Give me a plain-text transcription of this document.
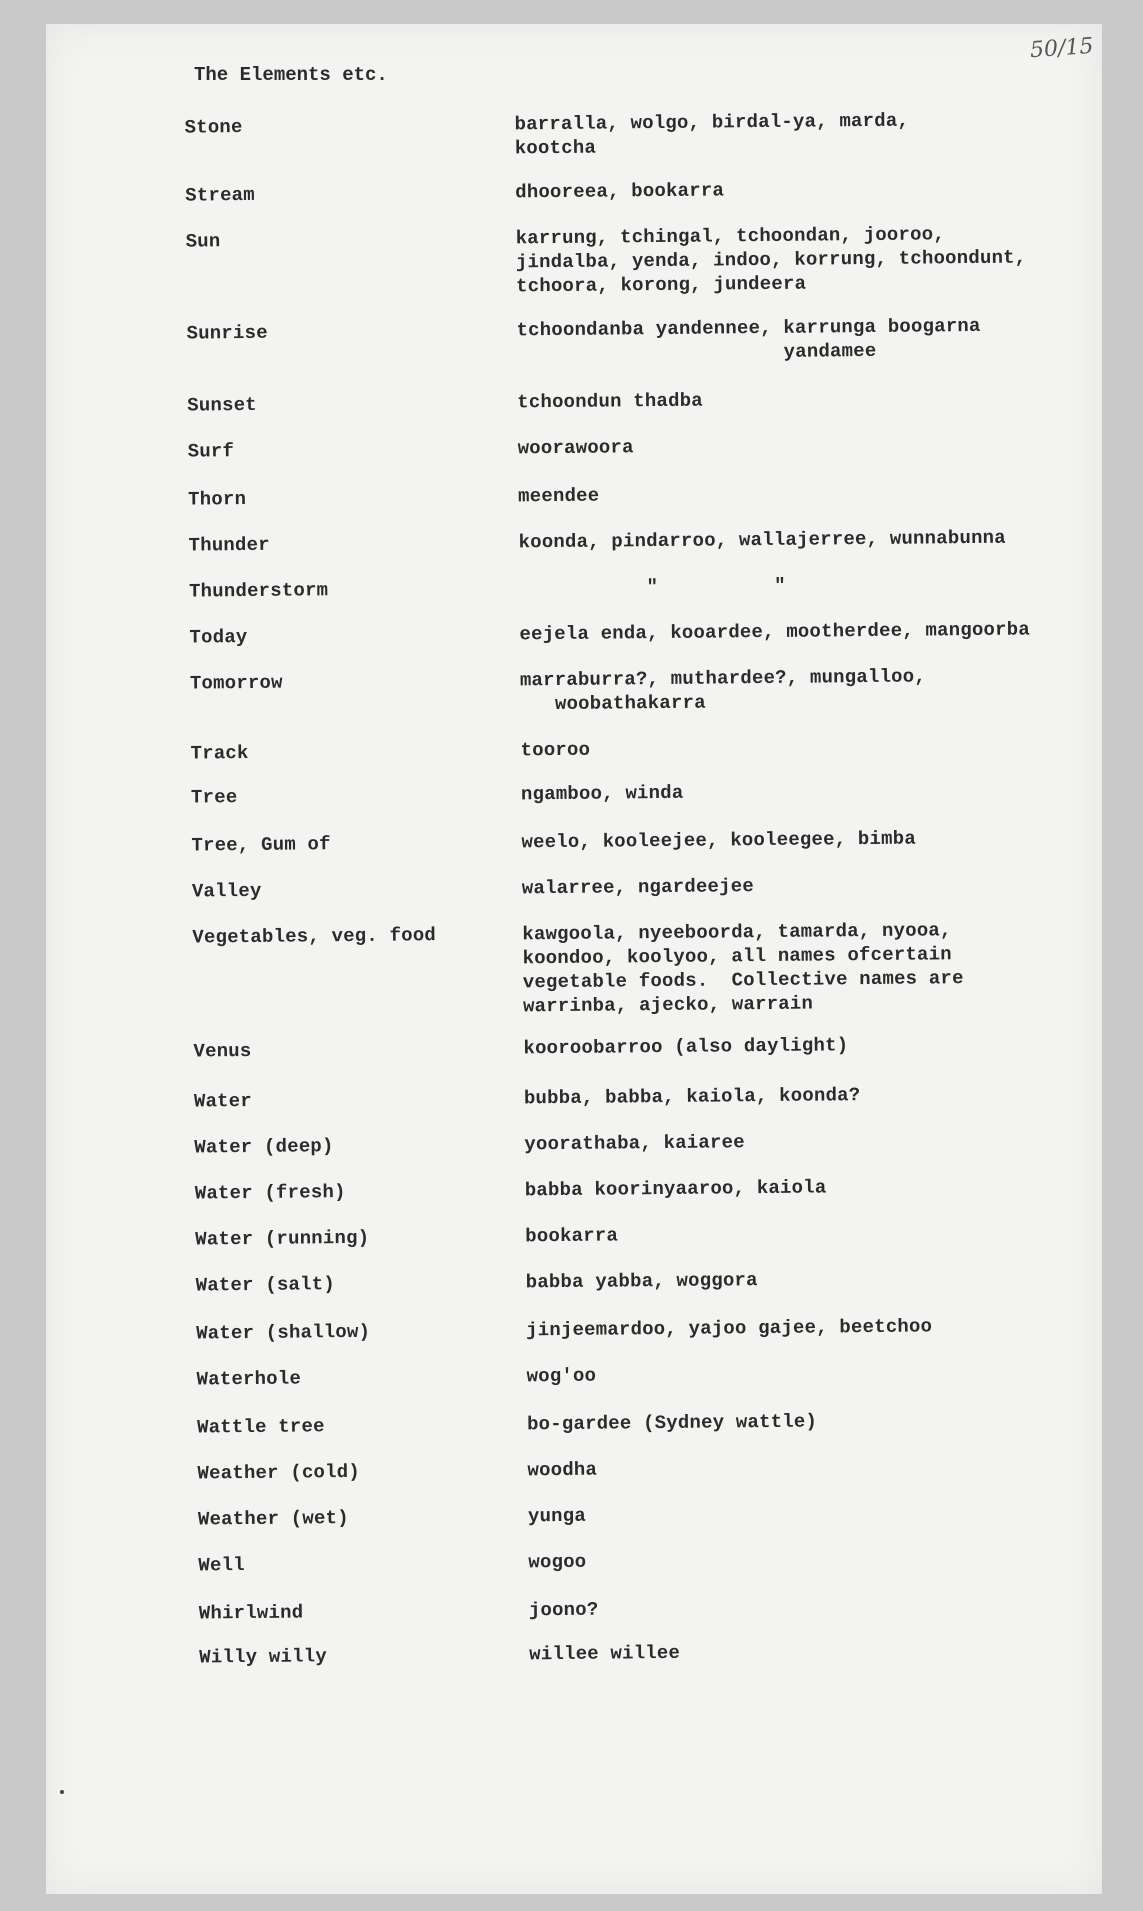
50/15
The Elements etc.
Stone	barralla, wolgo, birdal-ya, marda,
kootcha
Stream	dhooreea, bookarra
Sun	karrung, tchingal, tchoondan, jooroo,
jindalba, yenda, indoo, korrung, tchoondunt,
tchoora, korong, jundeera
Sunrise	tchoondanba yandennee, karrunga boogarna
yandamee
Sunset	tchoondun thadba
Surf	woorawoora
Thorn	meendee
Thunder	koonda, pindarroo, wallajerree, wunnabunna
Thunderstorm	"          "
Today	eejela enda, kooardee, mootherdee, mangoorba
Tomorrow	marraburra?, muthardee?, mungalloo,
woobathakarra
Track	tooroo
Tree	ngamboo, winda
Tree, Gum of	weelo, kooleejee, kooleegee, bimba
Valley	walarree, ngardeejee
Vegetables, veg. food	kawgoola, nyeeboorda, tamarda, nyooa,
koondoo, koolyoo, all names ofcertain
vegetable foods.  Collective names are
warrinba, ajecko, warrain
Venus	kooroobarroo (also daylight)
Water	bubba, babba, kaiola, koonda?
Water (deep)	yoorathaba, kaiaree
Water (fresh)	babba koorinyaaroo, kaiola
Water (running)	bookarra
Water (salt)	babba yabba, woggora
Water (shallow)	jinjeemardoo, yajoo gajee, beetchoo
Waterhole	wog'oo
Wattle tree	bo-gardee (Sydney wattle)
Weather (cold)	woodha
Weather (wet)	yunga
Well	wogoo
Whirlwind	joono?
Willy willy	willee willee
